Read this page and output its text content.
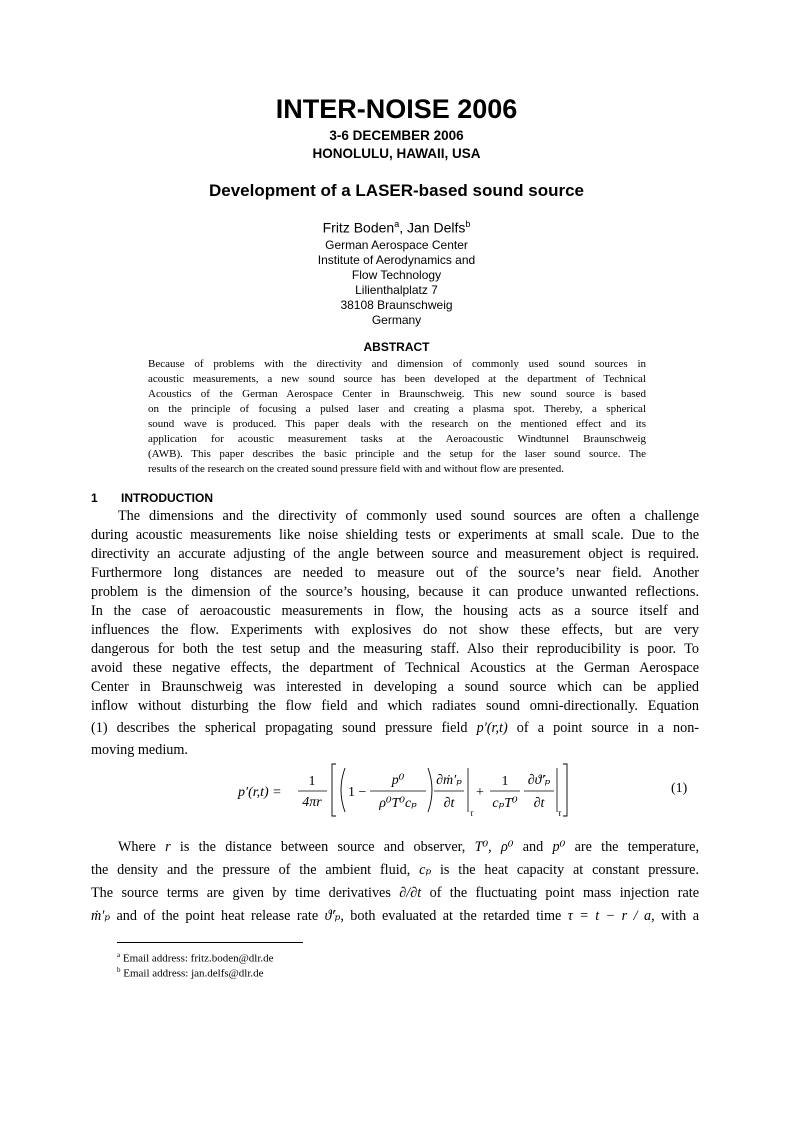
INTER-NOISE 2006
3-6 DECEMBER 2006
HONOLULU, HAWAII, USA
Development of a LASER-based sound source
Fritz Boden$^a$, Jan Delfs$^b$
German Aerospace Center
Institute of Aerodynamics and
Flow Technology
Lilienthalplatz 7
38108 Braunschweig
Germany
ABSTRACT
Because of problems with the directivity and dimension of commonly used sound sources in
acoustic measurements, a new sound source has been developed at the department of Technical
Acoustics of the German Aerospace Center in Braunschweig. This new sound source is based
on the principle of focusing a pulsed laser and creating a plasma spot. Thereby, a spherical
sound wave is produced. This paper deals with the research on the mentioned effect and its
application for acoustic measurement tasks at the Aeroacoustic Windtunnel Braunschweig
(AWB). This paper describes the basic principle and the setup for the laser sound source. The
results of the research on the created sound pressure field with and without flow are presented.
1 INTRODUCTION
The dimensions and the directivity of commonly used sound sources are often a challenge
during acoustic measurements like noise shielding tests or experiments at small scale. Due to the
directivity an accurate adjusting of the angle between source and measurement object is required.
Furthermore long distances are needed to measure out of the source’s near field. Another
problem is the dimension of the source’s housing, because it can produce unwanted reflections.
In the case of aeroacoustic measurements in flow, the housing acts as a source itself and
influences the flow. Experiments with explosives do not show these effects, but are very
dangerous for both the test setup and the measuring staff. Also their reproducibility is poor. To
avoid these negative effects, the department of Technical Acoustics at the German Aerospace
Center in Braunschweig was interested in developing a sound source which can be applied
inflow without disturbing the flow field and which radiates sound omni-directionally. Equation
(1) describes the spherical propagating sound pressure field p′(r,t) of a point source in a non-
moving medium.
p′(r,t) =
1
4πr
1 −
p⁰
ρ⁰T⁰cₚ
∂ṁ′ₚ
∂t
τ
+
1
cₚT⁰
∂ϑ̇′ₚ
∂t
τ
(1)
Where r is the distance between source and observer, T⁰, ρ⁰ and p⁰ are the temperature,
the density and the pressure of the ambient fluid, cₚ is the heat capacity at constant pressure.
The source terms are given by time derivatives ∂/∂t of the fluctuating point mass injection rate
ṁ′ₚ and of the point heat release rate ϑ̇′ₚ, both evaluated at the retarded time τ = t − r / a, with a
$^a$ Email address: fritz.boden@dlr.de
$^b$ Email address: jan.delfs@dlr.de
